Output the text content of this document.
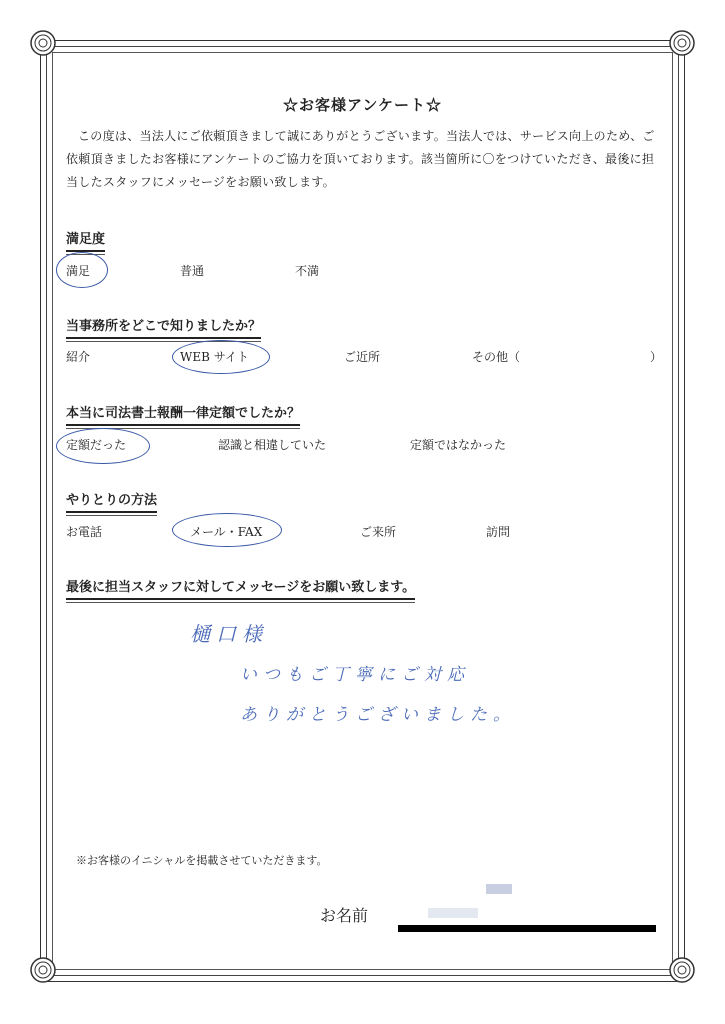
☆お客様アンケート☆
この度は、当法人にご依頼頂きまして誠にありがとうございます。当法人では、サービス向上のため、ご依頼頂きましたお客様にアンケートのご協力を頂いております。該当箇所に〇をつけていただき、最後に担当したスタッフにメッセージをお願い致します。
満足度
満足	普通	不満
当事務所をどこで知りましたか？
紹介	WEB サイト	ご近所	その他（	）
本当に司法書士報酬一律定額でしたか？
定額だった	認識と相違していた	定額ではなかった
やりとりの方法
お電話	メール・FAX	ご来所	訪問
最後に担当スタッフに対してメッセージをお願い致します。
樋口様
いつもご丁寧にご対応
ありがとうございました。
※お客様のイニシャルを掲載させていただきます。
お名前
